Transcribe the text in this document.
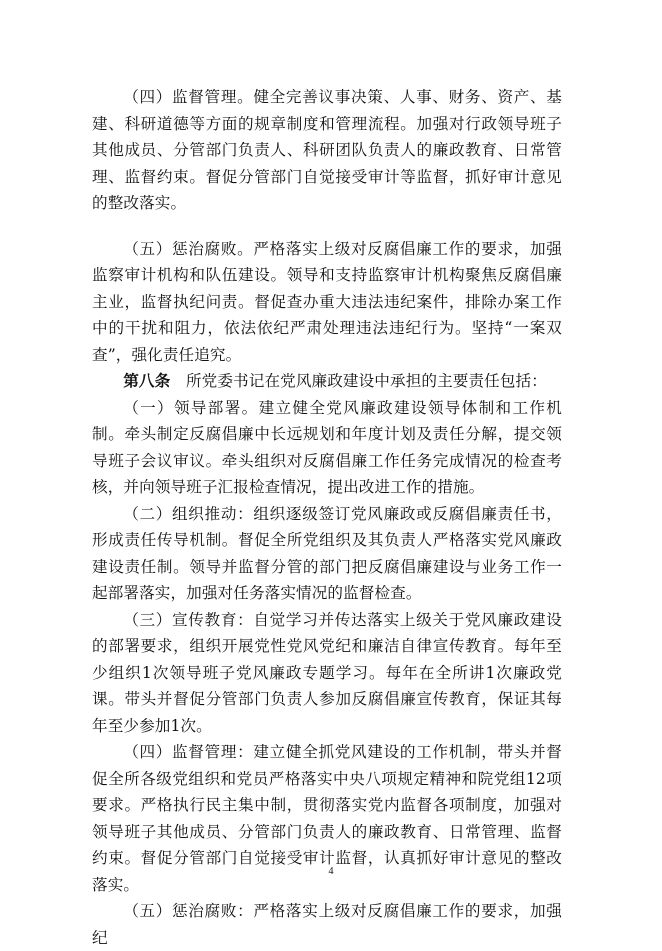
（四）监督管理。健全完善议事决策、人事、财务、资产、基建、科研道德等方面的规章制度和管理流程。加强对行政领导班子其他成员、分管部门负责人、科研团队负责人的廉政教育、日常管理、监督约束。督促分管部门自觉接受审计等监督，抓好审计意见的整改落实。

（五）惩治腐败。严格落实上级对反腐倡廉工作的要求，加强监察审计机构和队伍建设。领导和支持监察审计机构聚焦反腐倡廉主业，监督执纪问责。督促查办重大违法违纪案件，排除办案工作中的干扰和阻力，依法依纪严肃处理违法违纪行为。坚持“一案双查”，强化责任追究。

第八条　所党委书记在党风廉政建设中承担的主要责任包括：

（一）领导部署。建立健全党风廉政建设领导体制和工作机制。牵头制定反腐倡廉中长远规划和年度计划及责任分解，提交领导班子会议审议。牵头组织对反腐倡廉工作任务完成情况的检查考核，并向领导班子汇报检查情况，提出改进工作的措施。

（二）组织推动：组织逐级签订党风廉政或反腐倡廉责任书，形成责任传导机制。督促全所党组织及其负责人严格落实党风廉政建设责任制。领导并监督分管的部门把反腐倡廉建设与业务工作一起部署落实，加强对任务落实情况的监督检查。

（三）宣传教育：自觉学习并传达落实上级关于党风廉政建设的部署要求，组织开展党性党风党纪和廉洁自律宣传教育。每年至少组织1次领导班子党风廉政专题学习。每年在全所讲1次廉政党课。带头并督促分管部门负责人参加反腐倡廉宣传教育，保证其每年至少参加1次。

（四）监督管理：建立健全抓党风建设的工作机制，带头并督促全所各级党组织和党员严格落实中央八项规定精神和院党组12项要求。严格执行民主集中制，贯彻落实党内监督各项制度，加强对领导班子其他成员、分管部门负责人的廉政教育、日常管理、监督约束。督促分管部门自觉接受审计监督，认真抓好审计意见的整改落实。

（五）惩治腐败：严格落实上级对反腐倡廉工作的要求，加强纪

4
